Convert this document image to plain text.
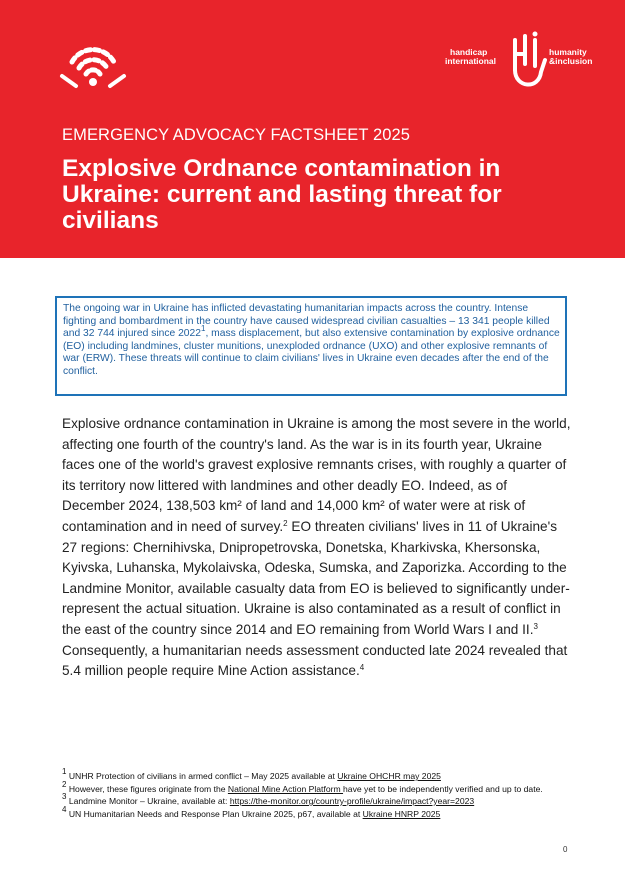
handicap
international
humanity
&inclusion
EMERGENCY ADVOCACY FACTSHEET 2025
Explosive Ordnance contamination in Ukraine: current and lasting threat for civilians
The ongoing war in Ukraine has inflicted devastating humanitarian impacts across the country. Intense fighting and bombardment in the country have caused widespread civilian casualties – 13 341 people killed and 32 744 injured since 2022$^1$, mass displacement, but also extensive contamination by explosive ordnance (EO) including landmines, cluster munitions, unexploded ordnance (UXO) and other explosive remnants of war (ERW). These threats will continue to claim civilians' lives in Ukraine even decades after the end of the conflict.
Explosive ordnance contamination in Ukraine is among the most severe in the world, affecting one fourth of the country's land. As the war is in its fourth year, Ukraine faces one of the world's gravest explosive remnants crises, with roughly a quarter of its territory now littered with landmines and other deadly EO. Indeed, as of December 2024, 138,503 km² of land and 14,000 km² of water were at risk of contamination and in need of survey.$^2$ EO threaten civilians' lives in 11 of Ukraine's 27 regions: Chernihivska, Dnipropetrovska, Donetska, Kharkivska, Khersonska, Kyivska, Luhanska, Mykolaivska, Odeska, Sumska, and Zaporizka. According to the Landmine Monitor, available casualty data from EO is believed to significantly under-represent the actual situation. Ukraine is also contaminated as a result of conflict in the east of the country since 2014 and EO remaining from World Wars I and II.$^3$ Consequently, a humanitarian needs assessment conducted late 2024 revealed that 5.4 million people require Mine Action assistance.$^4$

$^1$ UNHR Protection of civilians in armed conflict – May 2025 available at Ukraine OHCHR may 2025

$^2$ However, these figures originate from the National Mine Action Platform have yet to be independently verified and up to date.

$^3$ Landmine Monitor – Ukraine, available at: https://the-monitor.org/country-profile/ukraine/impact?year=2023

$^4$ UN Humanitarian Needs and Response Plan Ukraine 2025, p67, available at Ukraine HNRP 2025

0
